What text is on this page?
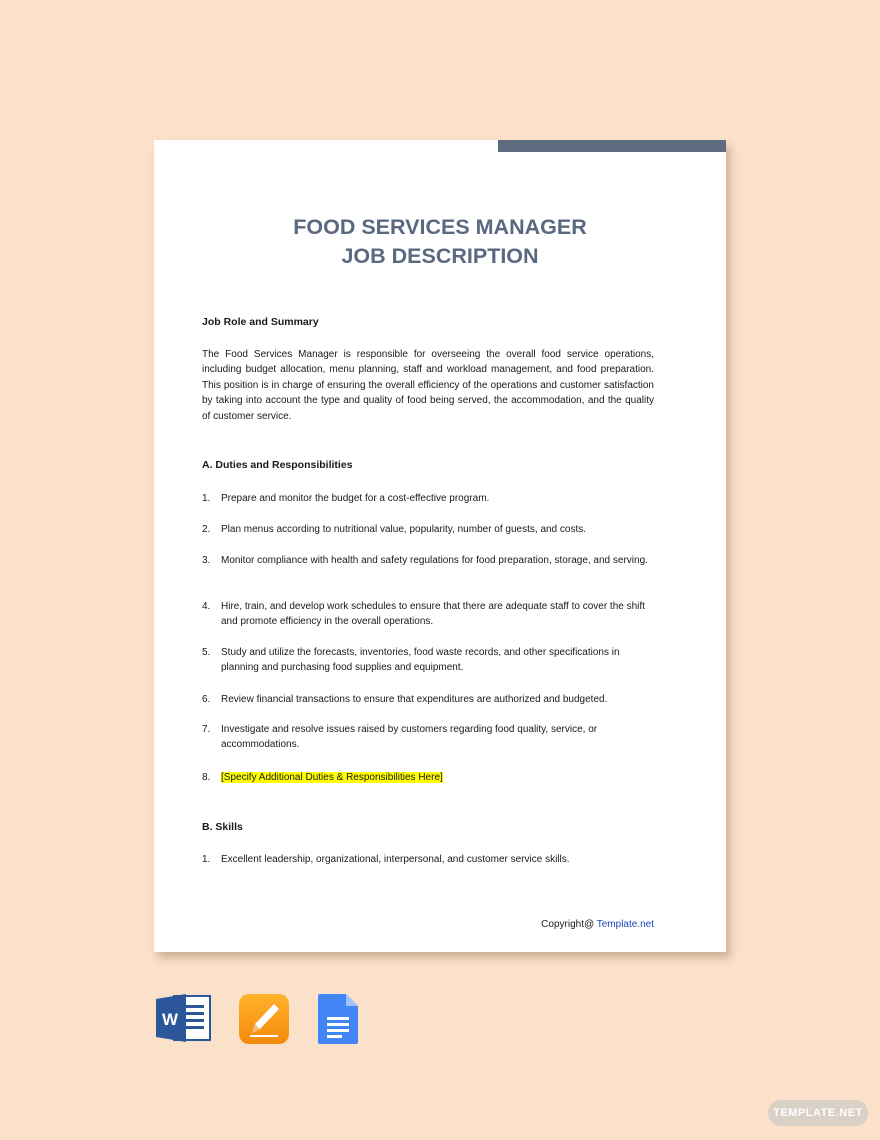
FOOD SERVICES MANAGER
JOB DESCRIPTION
Job Role and Summary
The Food Services Manager is responsible for overseeing the overall food service operations, including budget allocation, menu planning, staff and workload management, and food preparation. This position is in charge of ensuring the overall efficiency of the operations and customer satisfaction by taking into account the type and quality of food being served, the accommodation, and the quality of customer service.
A. Duties and Responsibilities
1.	Prepare and monitor the budget for a cost-effective program.
2.	Plan menus according to nutritional value, popularity, number of guests, and costs.
3.	Monitor compliance with health and safety regulations for food preparation, storage, and serving.
4.	Hire, train, and develop work schedules to ensure that there are adequate staff to cover the shift and promote efficiency in the overall operations.
5.	Study and utilize the forecasts, inventories, food waste records, and other specifications in planning and purchasing food supplies and equipment.
6.	Review financial transactions to ensure that expenditures are authorized and budgeted.
7.	Investigate and resolve issues raised by customers regarding food quality, service, or accommodations.
8.	[Specify Additional Duties & Responsibilities Here]
B. Skills
1.	Excellent leadership, organizational, interpersonal, and customer service skills.
Copyright@ Template.net
W
TEMPLATE.NET
